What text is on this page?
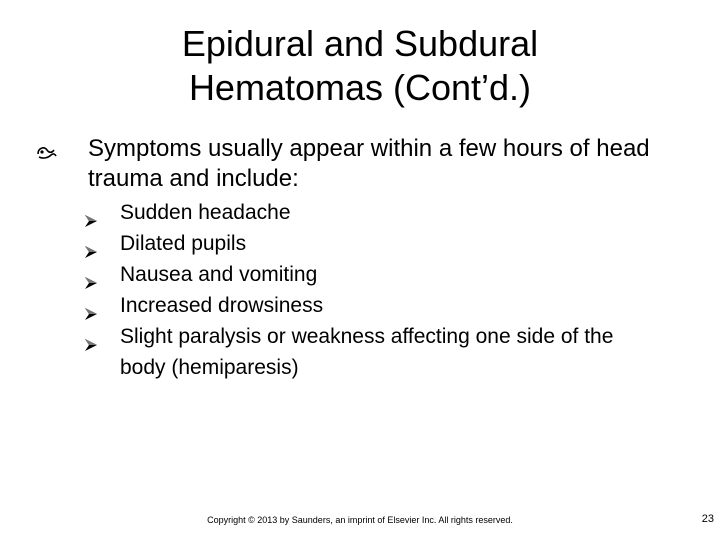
Epidural and Subdural
Hematomas (Cont’d.)
Symptoms usually appear within a few hours of head trauma and include:
Sudden headache
Dilated pupils
Nausea and vomiting
Increased drowsiness
Slight paralysis or weakness affecting one side of the body (hemiparesis)
Copyright © 2013 by Saunders, an imprint of Elsevier Inc. All rights reserved.	23
